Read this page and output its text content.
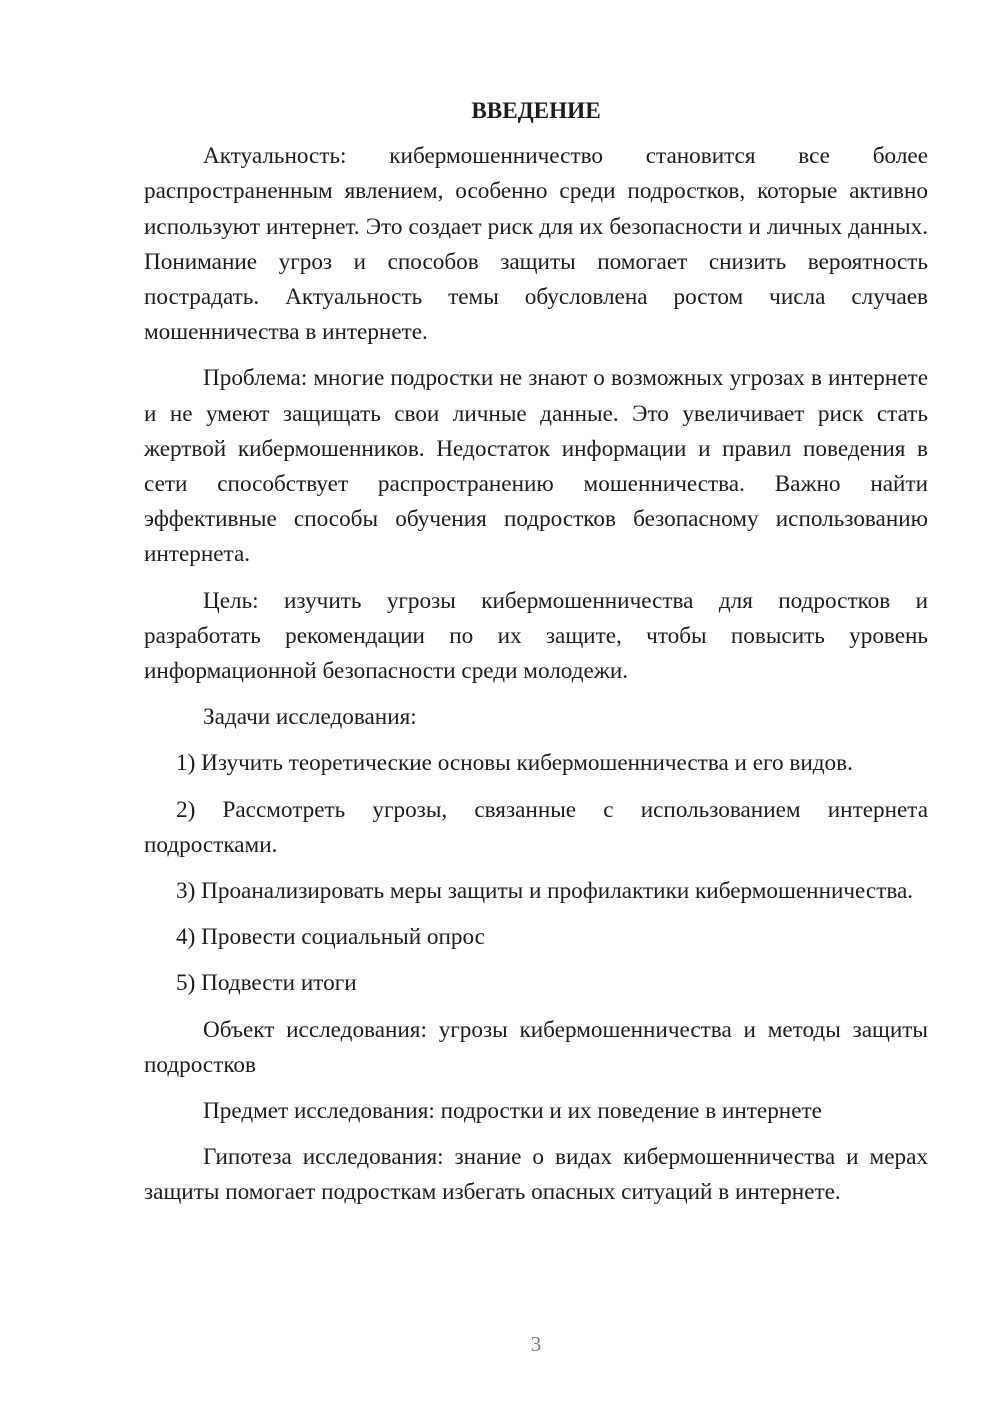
ВВЕДЕНИЕ

Актуальность: кибермошенничество становится все более распространенным явлением, особенно среди подростков, которые активно используют интернет. Это создает риск для их безопасности и личных данных. Понимание угроз и способов защиты помогает снизить вероятность пострадать. Актуальность темы обусловлена ростом числа случаев мошенничества в интернете.

Проблема: многие подростки не знают о возможных угрозах в интернете и не умеют защищать свои личные данные. Это увеличивает риск стать жертвой кибермошенников. Недостаток информации и правил поведения в сети способствует распространению мошенничества. Важно найти эффективные способы обучения подростков безопасному использованию интернета.

Цель: изучить угрозы кибермошенничества для подростков и разработать рекомендации по их защите, чтобы повысить уровень информационной безопасности среди молодежи.

Задачи исследования:

1) Изучить теоретические основы кибермошенничества и его видов.

2) Рассмотреть угрозы, связанные с использованием интернета подростками.

3) Проанализировать меры защиты и профилактики кибермошенничества.

4) Провести социальный опрос

5) Подвести итоги

Объект исследования: угрозы кибермошенничества и методы защиты подростков

Предмет исследования: подростки и их поведение в интернете

Гипотеза исследования: знание о видах кибермошенничества и мерах защиты помогает подросткам избегать опасных ситуаций в интернете.

3
